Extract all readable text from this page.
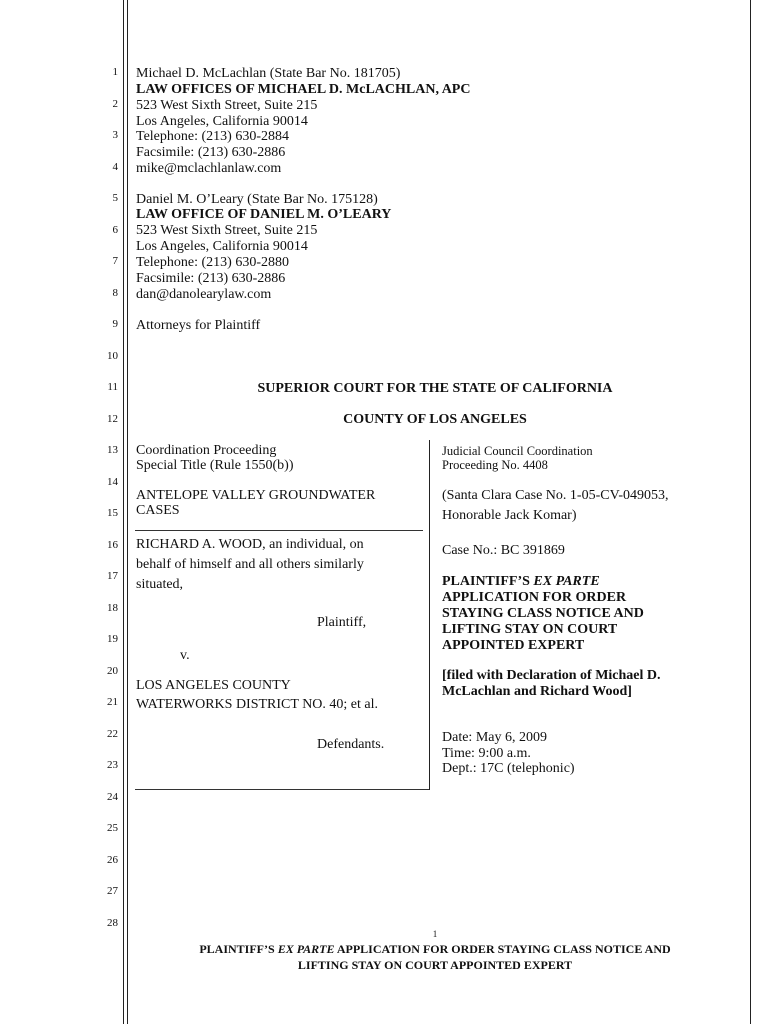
1
2
3
4
5
6
7
8
9
10
11
12
13
14
15
16
17
18
19
20
21
22
23
24
25
26
27
28
Michael D. McLachlan (State Bar No. 181705)
LAW OFFICES OF MICHAEL D. McLACHLAN, APC
523 West Sixth Street, Suite 215
Los Angeles, California 90014
Telephone: (213) 630-2884
Facsimile: (213) 630-2886
mike@mclachlanlaw.com
Daniel M. O’Leary (State Bar No. 175128)
LAW OFFICE OF DANIEL M. O’LEARY
523 West Sixth Street, Suite 215
Los Angeles, California 90014
Telephone: (213) 630-2880
Facsimile: (213) 630-2886
dan@danolearylaw.com
Attorneys for Plaintiff
SUPERIOR COURT FOR THE STATE OF CALIFORNIA
COUNTY OF LOS ANGELES
Coordination Proceeding
Special Title (Rule 1550(b))
ANTELOPE VALLEY GROUNDWATER
CASES
RICHARD A. WOOD, an individual, on
behalf of himself and all others similarly
situated,
Plaintiff,
v.
LOS ANGELES COUNTY
WATERWORKS DISTRICT NO. 40; et al.
Defendants.
Judicial Council Coordination
Proceeding No. 4408
(Santa Clara Case No. 1-05-CV-049053,
Honorable Jack Komar)
Case No.: BC 391869
PLAINTIFF’S EX PARTE
APPLICATION FOR ORDER
STAYING CLASS NOTICE AND
LIFTING STAY ON COURT
APPOINTED EXPERT
[filed with Declaration of Michael D.
McLachlan and Richard Wood]
Date: May 6, 2009
Time: 9:00 a.m.
Dept.: 17C (telephonic)
1
PLAINTIFF’S EX PARTE APPLICATION FOR ORDER STAYING CLASS NOTICE AND
LIFTING STAY ON COURT APPOINTED EXPERT
